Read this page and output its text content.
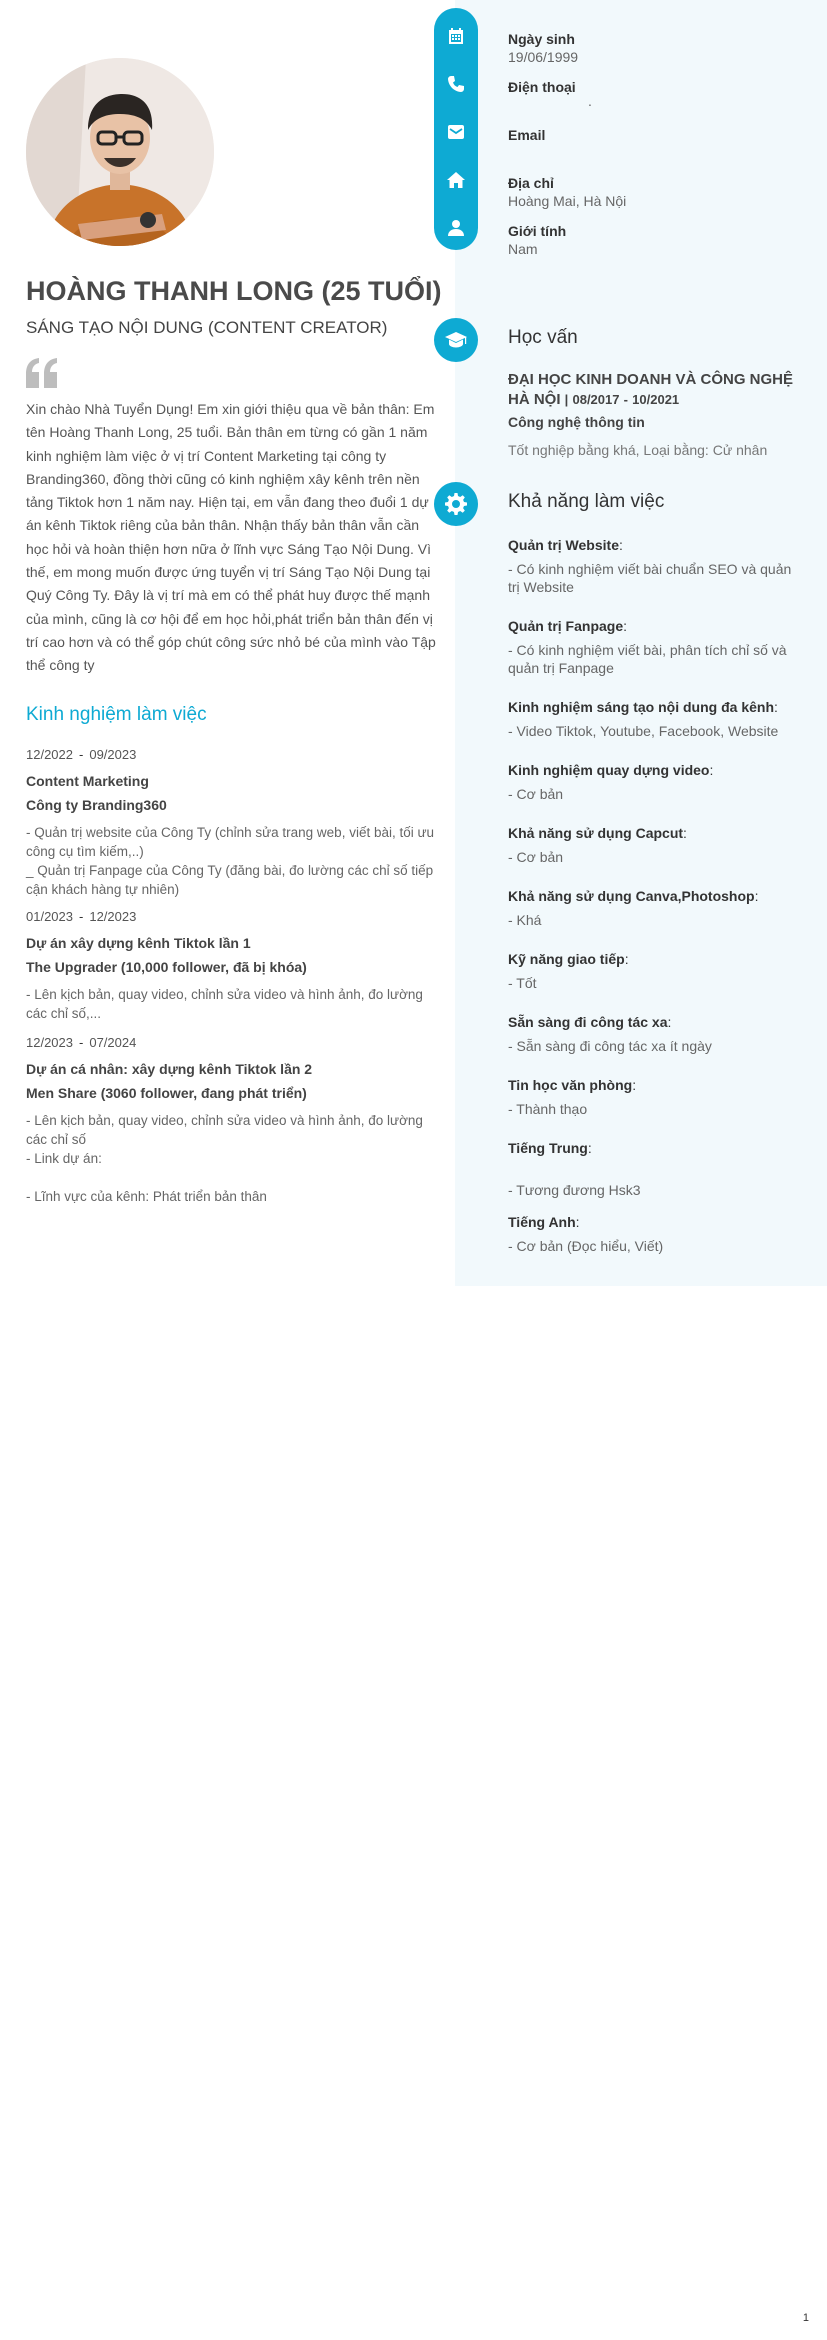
HOÀNG THANH LONG (25 TUỔI)
SÁNG TẠO NỘI DUNG (CONTENT CREATOR)
Xin chào Nhà Tuyển Dụng! Em xin giới thiệu qua về bản thân: Em tên Hoàng Thanh Long, 25 tuổi. Bản thân em từng có gần 1 năm kinh nghiệm làm việc ở vị trí Content Marketing tại công ty Branding360, đồng thời cũng có kinh nghiệm xây kênh trên nền tảng Tiktok hơn 1 năm nay. Hiện tại, em vẫn đang theo đuổi 1 dự án kênh Tiktok riêng của bản thân. Nhận thấy bản thân vẫn cần học hỏi và hoàn thiện hơn nữa ở lĩnh vực Sáng Tạo Nội Dung. Vì thế, em mong muốn được ứng tuyển vị trí Sáng Tạo Nội Dung tại Quý Công Ty. Đây là vị trí mà em có thể phát huy được thế mạnh của mình, cũng là cơ hội để em học hỏi,phát triển bản thân đến vị trí cao hơn và có thể góp chút công sức nhỏ bé của mình vào Tập thể công ty
Kinh nghiệm làm việc
12/2022 - 09/2023
Content Marketing
Công ty Branding360
- Quản trị website của Công Ty (chỉnh sửa trang web, viết bài, tối ưu công cụ tìm kiếm,..)
_ Quản trị Fanpage của Công Ty (đăng bài, đo lường các chỉ số tiếp cận khách hàng tự nhiên)
01/2023 - 12/2023
Dự án xây dựng kênh Tiktok lần 1
The Upgrader (10,000 follower, đã bị khóa)
- Lên kịch bản, quay video, chỉnh sửa video và hình ảnh, đo lường các chỉ số,...
12/2023 - 07/2024
Dự án cá nhân: xây dựng kênh Tiktok lần 2
Men Share (3060 follower, đang phát triển)
- Lên kịch bản, quay video, chỉnh sửa video và hình ảnh, đo lường các chỉ số
- Link dự án:

- Lĩnh vực của kênh: Phát triển bản thân
Ngày sinh
19/06/1999
Điện thoại
.
Email
Địa chỉ
Hoàng Mai, Hà Nội
Giới tính
Nam
Học vấn
ĐẠI HỌC KINH DOANH VÀ CÔNG NGHỆ HÀ NỘI | 08/2017 - 10/2021
Công nghệ thông tin
Tốt nghiệp bằng khá, Loại bằng: Cử nhân
Khả năng làm việc
Quản trị Website:
- Có kinh nghiệm viết bài chuẩn SEO và quản trị Website
Quản trị Fanpage:
- Có kinh nghiệm viết bài, phân tích chỉ số và quản trị Fanpage
Kinh nghiệm sáng tạo nội dung đa kênh:
- Video Tiktok, Youtube, Facebook, Website
Kinh nghiệm quay dựng video:
- Cơ bản
Khả năng sử dụng Capcut:
- Cơ bản
Khả năng sử dụng Canva,Photoshop:
- Khá
Kỹ năng giao tiếp:
- Tốt
Sẵn sàng đi công tác xa:
- Sẵn sàng đi công tác xa ít ngày
Tin học văn phòng:
- Thành thạo
Tiếng Trung:

- Tương đương Hsk3
Tiếng Anh:
- Cơ bản (Đọc hiểu, Viết)
1
